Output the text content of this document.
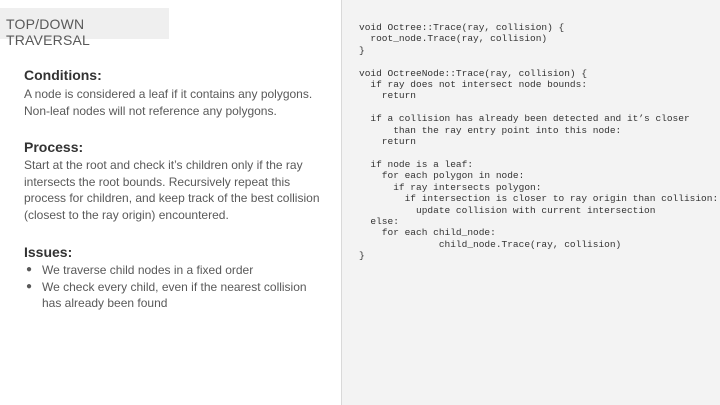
TOP/DOWN
TRAVERSAL
Conditions:

A node is considered a leaf if it contains any polygons. Non-leaf nodes will not reference any polygons.

Process:

Start at the root and check it’s children only if the ray intersects the root bounds. Recursively repeat this process for children, and keep track of the best collision (closest to the ray origin) encountered.

Issues:
● We traverse child nodes in a fixed order
● We check every child, even if the nearest collision has already been found
void Octree::Trace(ray, collision) {
root_node.Trace(ray, collision)
}

void OctreeNode::Trace(ray, collision) {
if ray does not intersect node bounds:
return

if a collision has already been detected and it’s closer
than the ray entry point into this node:
return

if node is a leaf:
for each polygon in node:
if ray intersects polygon:
if intersection is closer to ray origin than collision:
update collision with current intersection
else:
for each child_node:
child_node.Trace(ray, collision)
}
